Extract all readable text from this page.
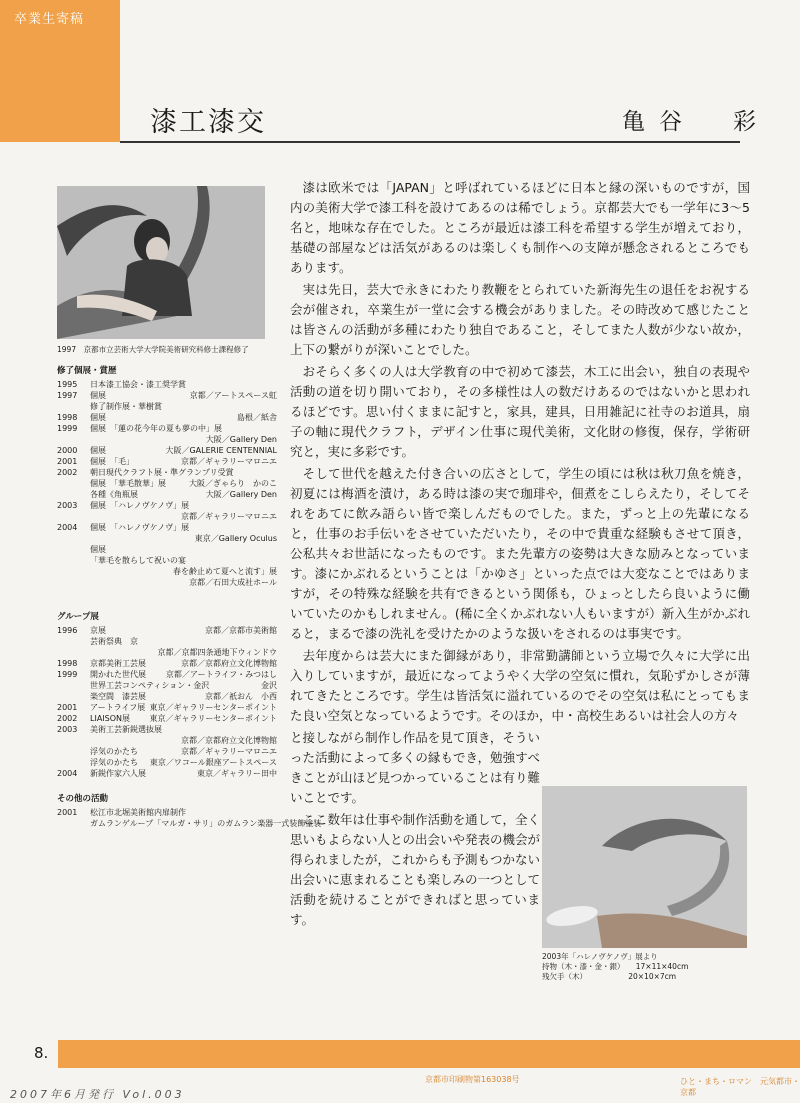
卒業生寄稿
漆工漆交	亀谷　彩
1997　京都市立芸術大学大学院美術研究科修士課程修了
修了個展・賞歴
1995	日本漆工協会・漆工奨学賞
1997	個展	京都／アートスペース虹
修了制作展・華樹賞
1998	個展	島根／紙舎
1999	個展　「蓮の花今年の夏も夢の中」展
大阪／Gallery Den
2000	個展	大阪／GALERIE CENTENNIAL
2001	個展　「毛」	京都／ギャラリーマロニエ
2002	朝日現代クラフト展・準グランプリ受賞
個展　「華毛散華」展	大阪／ぎゃらり　かのこ
各種《角瓶展	大阪／Gallery Den
2003	個展　「ハレノヴケノヴ」展
京都／ギャラリーマロニエ
2004	個展　「ハレノヴケノヴ」展
東京／Gallery Oculus
個展
「華毛を散らして祝いの宴
春を齢止めて夏へと流す」展
京都／石田大成社ホール
グループ展
1996	京展	京都／京都市美術館
芸術祭典　京
京都／京都四条通地下ウィンドウ
1998	京都美術工芸展	京都／京都府立文化博物館
1999	開かれた世代展	京都／アートライフ・みつはし
世界工芸コンペティション・金沢	金沢
楽空間　漆芸展	京都／祇おん　小西
2001	アートライフ展 東京／ギャラリーセンターポイント
2002	LIAISON展	東京／ギャラリーセンターポイント
2003	美術工芸新鋭選抜展
京都／京都府立文化博物館
浮気のかたち	京都／ギャラリーマロニエ
浮気のかたち	東京／ワコール銀座アートスペース
2004	新鋭作家六人展	東京／ギャラリー田中
その他の活動
2001	松江市北堀美術館内扉制作
ガムランゲループ「マルガ・サリ」のガムラン楽器一式装飾塗装

漆は欧米では「JAPAN」と呼ばれているほどに日本と縁の深いものですが，国内の美術大学で漆工科を設けてあるのは稀でしょう。京都芸大でも一学年に3〜5名と，地味な存在でした。ところが最近は漆工科を希望する学生が増えており，基礎の部屋などは活気があるのは楽しくも制作への支障が懸念されるところでもあります。

実は先日，芸大で永きにわたり教鞭をとられていた新海先生の退任をお祝する会が催され，卒業生が一堂に会する機会がありました。その時改めて感じたことは皆さんの活動が多種にわたり独自であること，そしてまた人数が少ない故か，上下の繋がりが深いことでした。

おそらく多くの人は大学教育の中で初めて漆芸，木工に出会い，独自の表現や活動の道を切り開いており，その多様性は人の数だけあるのではないかと思われるほどです。思い付くままに記すと，家具，建具，日用雑記に社寺のお道具，扇子の軸に現代クラフト，デザイン仕事に現代美術，文化財の修復，保存，学術研究と，実に多彩です。

そして世代を越えた付き合いの広さとして，学生の頃には秋は秋刀魚を焼き，初夏には梅酒を漬け，ある時は漆の実で珈琲や，佃煮をこしらえたり，そしてそれをあてに飲み語らい皆で楽しんだものでした。また，ずっと上の先輩になると，仕事のお手伝いをさせていただいたり，その中で貴重な経験もさせて頂き，公私共々お世話になったものです。また先輩方の姿勢は大きな励みとなっています。漆にかぶれるということは「かゆさ」といった点では大変なことではありますが，その特殊な経験を共有できるという関係も，ひょっとしたら良いように働いていたのかもしれません。(稀に全くかぶれない人もいますが）新入生がかぶれると，まるで漆の洗礼を受けたかのような扱いをされるのは事実です。

去年度からは芸大にまた御縁があり，非常勤講師という立場で久々に大学に出入りしていますが，最近になってようやく大学の空気に慣れ，気恥ずかしさが薄れてきたところです。学生は皆活気に溢れているのでその空気は私にとってもまた良い空気となっているようです。そのほか，中・高校生あるいは社会人の方々

と接しながら制作し作品を見て頂き，そういった活動によって多くの縁もでき，勉強すべきことが山ほど見つかっていることは有り難いことです。

ここ数年は仕事や制作活動を通して，全く思いもよらない人との出会いや発表の機会が得られましたが，これからも予測もつかない出会いに恵まれることも楽しみの一つとして活動を続けることができればと思っています。

2003年「ハレノヴケノヴ」展より
持物（木・漆・金・銀）　　17×11×40cm
残欠手（木）　　　　　　20×10×7cm
8.
京都市印刷物第163038号	ひと・まち・ロマン　元気都市・京都
2007年6月発行 Vol.003
